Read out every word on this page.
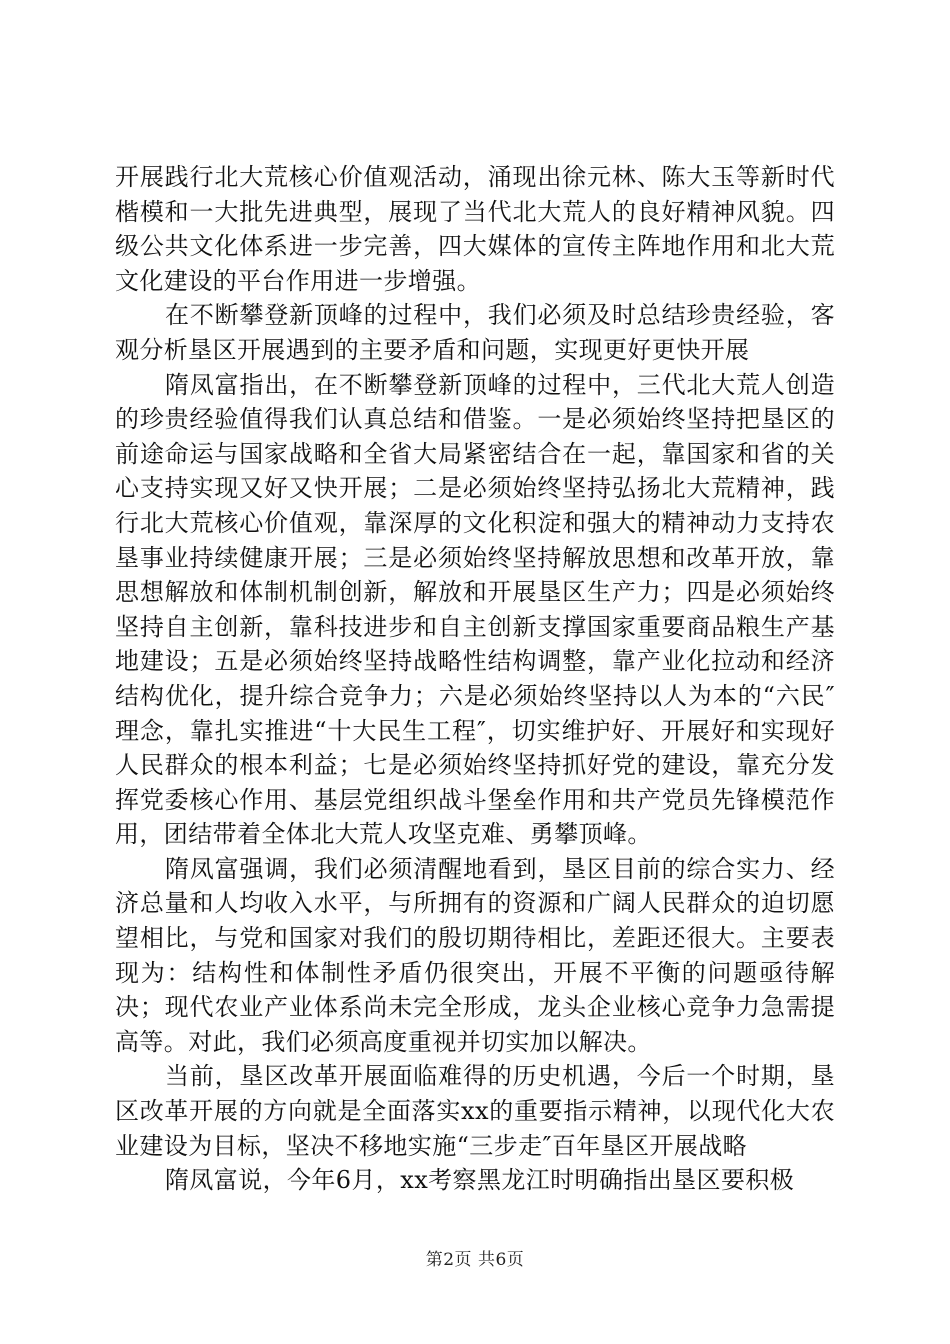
开展践行北大荒核心价值观活动，涌现出徐元林、陈大玉等新时代楷模和一大批先进典型，展现了当代北大荒人的良好精神风貌。四级公共文化体系进一步完善，四大媒体的宣传主阵地作用和北大荒文化建设的平台作用进一步增强。

在不断攀登新顶峰的过程中，我们必须及时总结珍贵经验，客观分析垦区开展遇到的主要矛盾和问题，实现更好更快开展

隋凤富指出，在不断攀登新顶峰的过程中，三代北大荒人创造的珍贵经验值得我们认真总结和借鉴。一是必须始终坚持把垦区的前途命运与国家战略和全省大局紧密结合在一起，靠国家和省的关心支持实现又好又快开展；二是必须始终坚持弘扬北大荒精神，践行北大荒核心价值观，靠深厚的文化积淀和强大的精神动力支持农垦事业持续健康开展；三是必须始终坚持解放思想和改革开放，靠思想解放和体制机制创新，解放和开展垦区生产力；四是必须始终坚持自主创新，靠科技进步和自主创新支撑国家重要商品粮生产基地建设；五是必须始终坚持战略性结构调整，靠产业化拉动和经济结构优化，提升综合竞争力；六是必须始终坚持以人为本的“六民″理念，靠扎实推进“十大民生工程″，切实维护好、开展好和实现好人民群众的根本利益；七是必须始终坚持抓好党的建设，靠充分发挥党委核心作用、基层党组织战斗堡垒作用和共产党员先锋模范作用，团结带着全体北大荒人攻坚克难、勇攀顶峰。

隋凤富强调，我们必须清醒地看到，垦区目前的综合实力、经济总量和人均收入水平，与所拥有的资源和广阔人民群众的迫切愿望相比，与党和国家对我们的殷切期待相比，差距还很大。主要表现为：结构性和体制性矛盾仍很突出，开展不平衡的问题亟待解决；现代农业产业体系尚未完全形成，龙头企业核心竞争力急需提高等。对此，我们必须高度重视并切实加以解决。

当前，垦区改革开展面临难得的历史机遇，今后一个时期，垦区改革开展的方向就是全面落实xx的重要指示精神，以现代化大农业建设为目标，坚决不移地实施“三步走″百年垦区开展战略

隋凤富说，今年6月，xx考察黑龙江时明确指出垦区要积极

第2页 共6页
